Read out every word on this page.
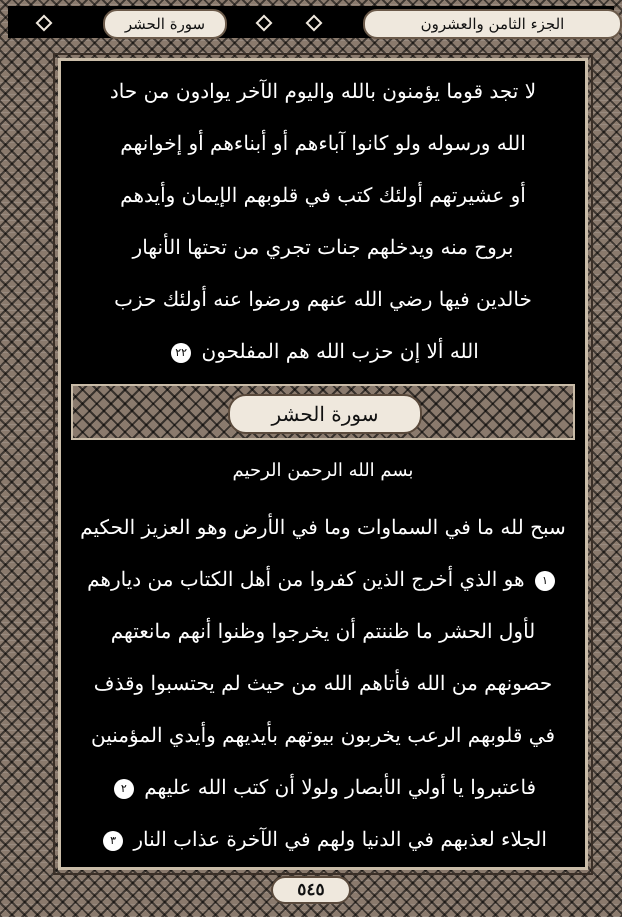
الجزء الثامن والعشرون
سورة الحشر
لا تجد قوما يؤمنون بالله واليوم الآخر يوادون من حاد
الله ورسوله ولو كانوا آباءهم أو أبناءهم أو إخوانهم
أو عشيرتهم أولئك كتب في قلوبهم الإيمان وأيدهم
بروح منه ويدخلهم جنات تجري من تحتها الأنهار
خالدين فيها رضي الله عنهم ورضوا عنه أولئك حزب
الله ألا إن حزب الله هم المفلحون ٢٢
سورة الحشر
بسم الله الرحمن الرحيم
سبح لله ما في السماوات وما في الأرض وهو العزيز الحكيم
١ هو الذي أخرج الذين كفروا من أهل الكتاب من ديارهم
لأول الحشر ما ظننتم أن يخرجوا وظنوا أنهم مانعتهم
حصونهم من الله فأتاهم الله من حيث لم يحتسبوا وقذف
في قلوبهم الرعب يخربون بيوتهم بأيديهم وأيدي المؤمنين
فاعتبروا يا أولي الأبصار ولولا أن كتب الله عليهم ٢
الجلاء لعذبهم في الدنيا ولهم في الآخرة عذاب النار ٣
٥٤٥
